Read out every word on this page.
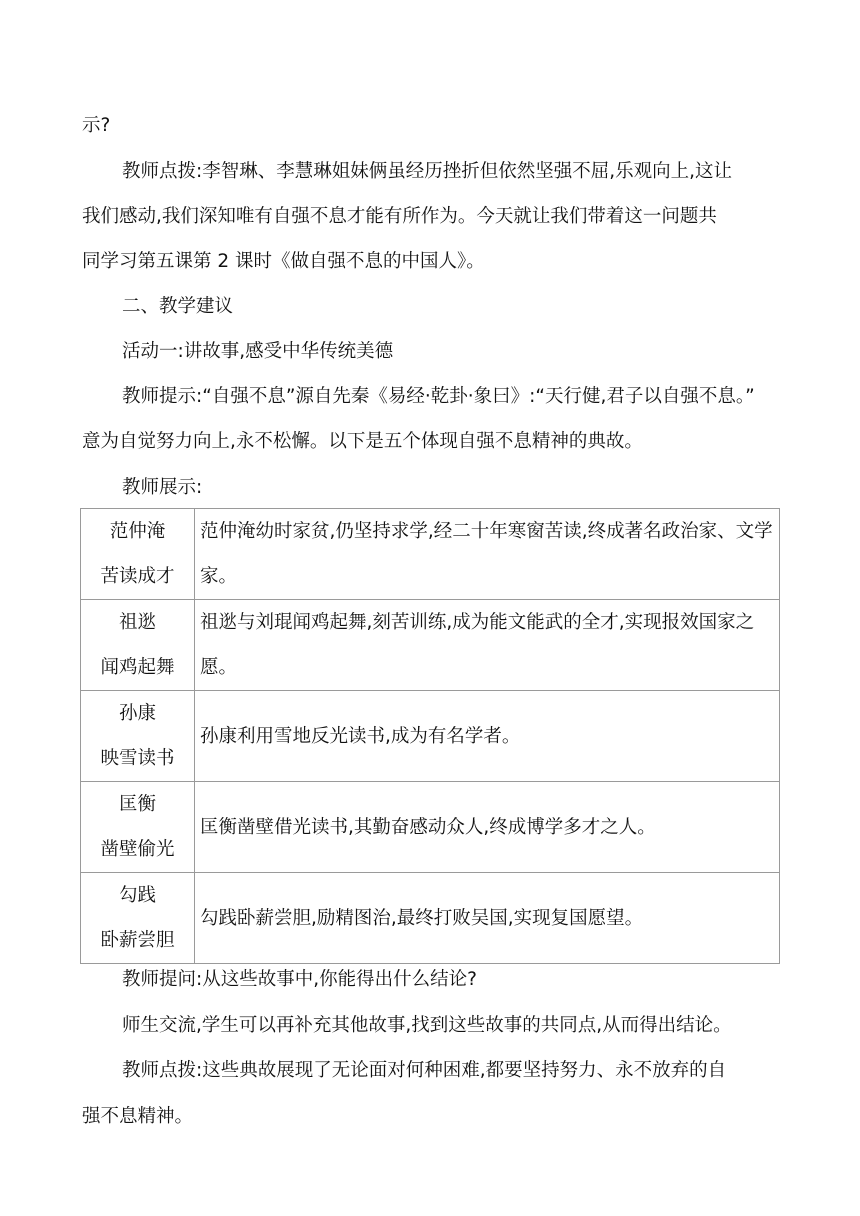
示?
教师点拨:李智琳、李慧琳姐妹俩虽经历挫折但依然坚强不屈,乐观向上,这让
我们感动,我们深知唯有自强不息才能有所作为。今天就让我们带着这一问题共
同学习第五课第 2 课时《做自强不息的中国人》。
二、教学建议
活动一:讲故事,感受中华传统美德
教师提示:“自强不息”源自先秦《易经·乾卦·象曰》:“天行健,君子以自强不息。”
意为自觉努力向上,永不松懈。以下是五个体现自强不息精神的典故。
教师展示:
范仲淹
苦读成才	范仲淹幼时家贫,仍坚持求学,经二十年寒窗苦读,终成著名政治家、文学家。

祖逖
闻鸡起舞	祖逖与刘琨闻鸡起舞,刻苦训练,成为能文能武的全才,实现报效国家之愿。

孙康
映雪读书	孙康利用雪地反光读书,成为有名学者。

匡衡
凿壁偷光	匡衡凿壁借光读书,其勤奋感动众人,终成博学多才之人。

勾践
卧薪尝胆	勾践卧薪尝胆,励精图治,最终打败吴国,实现复国愿望。
教师提问:从这些故事中,你能得出什么结论?
师生交流,学生可以再补充其他故事,找到这些故事的共同点,从而得出结论。
教师点拨:这些典故展现了无论面对何种困难,都要坚持努力、永不放弃的自
强不息精神。
